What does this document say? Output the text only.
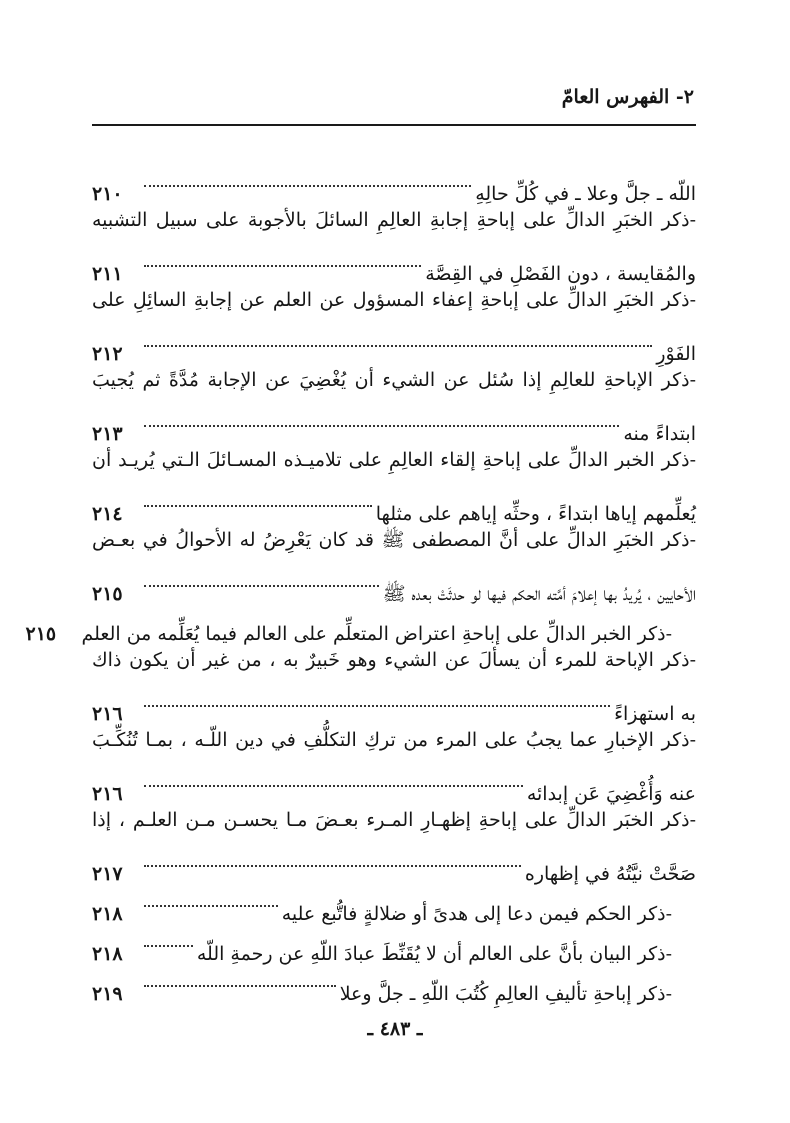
٢- الفهرس العامّ
اللّه ـ جلَّ وعلا ـ في كُلِّ حالِهِ
٢١٠
-ذكر الخبَرِ الدالِّ على إباحةِ إجابةِ العالِمِ السائلَ بالأجوبة على سبيل التشبيه
والمُقايسة ، دون الفَصْلِ في القِصَّة
٢١١
-ذكر الخبَرِ الدالِّ على إباحةِ إعفاء المسؤول عن العلم عن إجابةِ السائِلِ على
الفَوْرِ
٢١٢
-ذكر الإباحةِ للعالِمِ إذا سُئل عن الشيء أن يُغْضِيَ عن الإجابة مُدَّةً ثم يُجيبَ
ابتداءً منه
٢١٣
-ذكر الخبر الدالِّ على إباحةِ إلقاء العالِمِ على تلاميـذه المسـائلَ الـتي يُريـد أن
يُعلِّمهم إياها ابتداءً ، وحثِّه إياهم على مثلها
٢١٤
-ذكر الخبَرِ الدالِّ على أنَّ المصطفى ﷺ قد كان يَعْرِضُ له الأحوالُ في بعـض
الأحايين ، يُريدُ بها إعلامَ أمَّته الحكم فيها لو حدثَتْ بعده ﷺ
٢١٥
-ذكر الخبر الدالِّ على إباحةِ اعتراض المتعلِّم على العالم فيما يُعَلِّمه من العلم
٢١٥
-ذكر الإباحة للمرء أن يسألَ عن الشيء وهو خَبيرٌ به ، من غير أن يكون ذاك
به استهزاءً
٢١٦
-ذكر الإخبارِ عما يجبُ على المرء من تركِ التكلُّفِ في دين اللّـه ، بمـا تُنُكِّـبَ
عنه وَأُغْضِيَ عَن إبدائه
٢١٦
-ذكر الخبَر الدالِّ على إباحةِ إظهـارِ المـرء بعـضَ مـا يحسـن مـن العلـم ، إذا
صَحَّتْ نيَّتُهُ في إظهاره
٢١٧
-ذكر الحكم فيمن دعا إلى هدىً أو ضلالةٍ فاتُّبع عليه
٢١٨
-ذكر البيان بأنَّ على العالم أن لا يُقَنِّطَ عبادَ اللّهِ عن رحمةِ اللّه
٢١٨
-ذكر إباحةِ تأليفِ العالِمِ كُتُبَ اللّهِ ـ جلَّ وعلا
٢١٩
ـ ٤٨٣ ـ
